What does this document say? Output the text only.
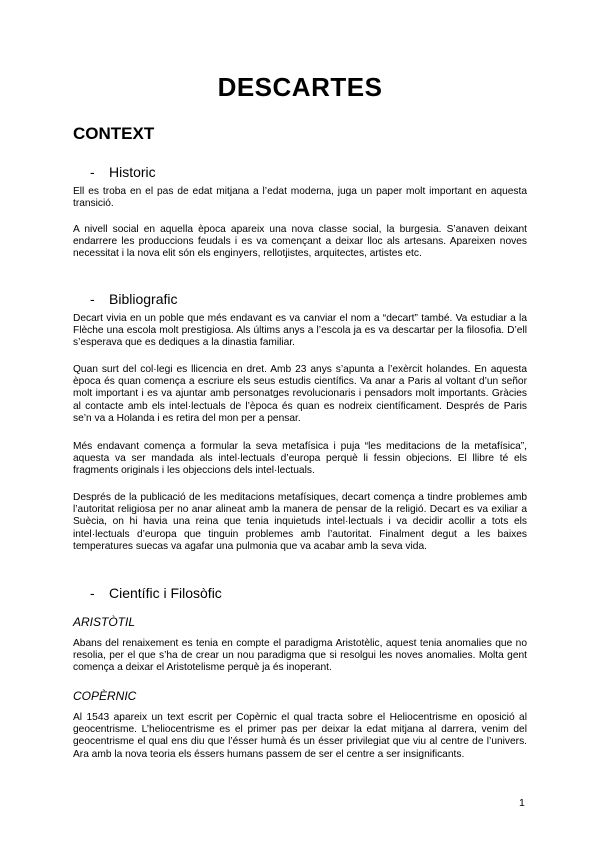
DESCARTES
CONTEXT
- Historic
Ell es troba en el pas de edat mitjana a l’edat moderna, juga un paper molt important en aquesta transició.
A nivell social en aquella època apareix una nova classe social, la burgesia. S’anaven deixant endarrere les produccions feudals i es va començant a deixar lloc als artesans. Apareixen noves necessitat i la nova elit són els enginyers, rellotjistes, arquitectes, artistes etc.
- Bibliografic
Decart vivia en un poble que més endavant es va canviar el nom a “decart” també. Va estudiar a la Flèche una escola molt prestigiosa. Als últims anys a l’escola ja es va descartar per la filosofia. D’ell s’esperava que es dediques a la dinastia familiar.
Quan surt del col·legi es llicencia en dret. Amb 23 anys s’apunta a l’exèrcit holandes. En aquesta època és quan comença a escriure els seus estudis científics. Va anar a Paris al voltant d’un señor molt important i es va ajuntar amb personatges revolucionaris i pensadors molt importants. Gràcies al contacte amb els intel·lectuals de l’època és quan es nodreix científicament. Després de Paris se’n va a Holanda i es retira del mon per a pensar.
Més endavant comença a formular la seva metafísica i puja “les meditacions de la metafísica”, aquesta va ser mandada als intel·lectuals d’europa perquè li fessin objecions. El llibre té els fragments originals i les objeccions dels intel·lectuals.
Després de la publicació de les meditacions metafísiques, decart comença a tindre problemes amb l’autoritat religiosa per no anar alineat amb la manera de pensar de la religió. Decart es va exiliar a Suècia, on hi havia una reina que tenia inquietuds intel·lectuals i va decidir acollir a tots els intel·lectuals d’europa que tinguin problemes amb l’autoritat. Finalment degut a les baixes temperatures suecas va agafar una pulmonia que va acabar amb la seva vida.
- Científic i Filosòfic
ARISTÒTIL
Abans del renaixement es tenia en compte el paradigma Aristotèlic, aquest tenia anomalies que no resolia, per el que s’ha de crear un nou paradigma que si resolgui les noves anomalies. Molta gent comença a deixar el Aristotelisme perquè ja és inoperant.
COPÈRNIC
Al 1543 apareix un text escrit per Copèrnic el qual tracta sobre el Heliocentrisme en oposició al geocentrisme. L’heliocentrisme es el primer pas per deixar la edat mitjana al darrera, venim del geocentrisme el qual ens diu que l’ésser humà és un ésser privilegiat que viu al centre de l’univers. Ara amb la nova teoria els éssers humans passem de ser el centre a ser insignificants.
1
